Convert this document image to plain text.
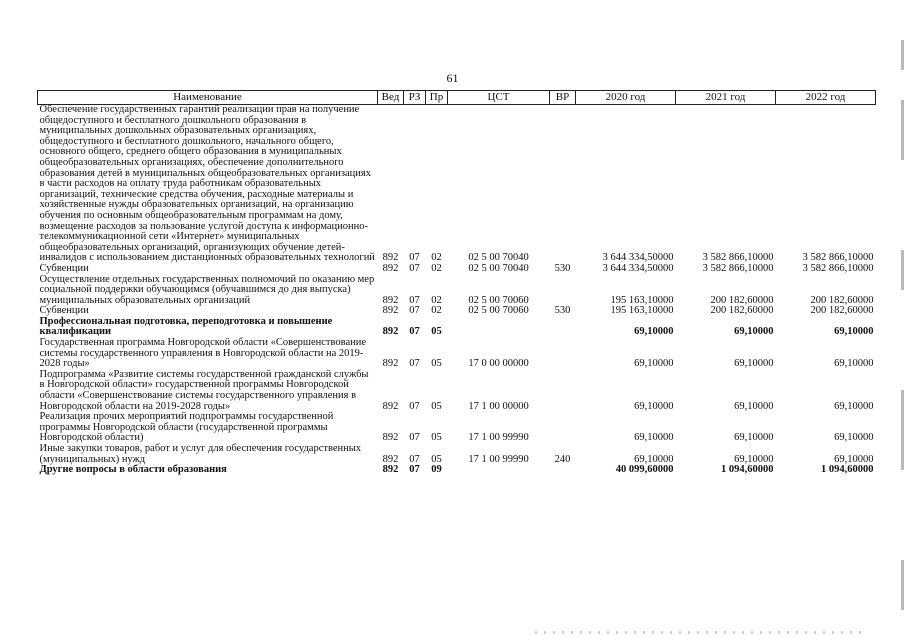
61
Наименование	Вед	РЗ	Пр	ЦСТ	ВР	2020 год	2021 год	2022 год
Обеспечение государственных гарантий реализации прав на получение общедоступного и бесплатного дошкольного образования в муниципальных дошкольных образовательных организациях, общедоступного и бесплатного дошкольного, начального общего, основного общего, среднего общего образования в муниципальных общеобразовательных организациях, обеспечение дополнительного образования детей в муниципальных общеобразовательных организациях в части расходов на оплату труда работникам образовательных организаций, технические средства обучения, расходные материалы и хозяйственные нужды образовательных организаций, на организацию обучения по основным общеобразовательным программам на дому, возмещение расходов за пользование услугой доступа к информационно-телекоммуникационной сети «Интернет» муниципальных общеобразовательных организаций, организующих обучение детей-инвалидов с использованием дистанционных образовательных технологий	892	07	02	02 5 00 70040		3 644 334,50000	3 582 866,10000	3 582 866,10000
Субвенции	892	07	02	02 5 00 70040	530	3 644 334,50000	3 582 866,10000	3 582 866,10000
Осуществление отдельных государственных полномочий по оказанию мер социальной поддержки обучающимся (обучавшимся до дня выпуска) муниципальных образовательных организаций	892	07	02	02 5 00 70060		195 163,10000	200 182,60000	200 182,60000
Субвенции	892	07	02	02 5 00 70060	530	195 163,10000	200 182,60000	200 182,60000
Профессиональная подготовка, переподготовка и повышение квалификации	892	07	05			69,10000	69,10000	69,10000
Государственная программа Новгородской области «Совершенствование системы государственного управления в Новгородской области на 2019-2028 годы»	892	07	05	17 0 00 00000		69,10000	69,10000	69,10000
Подпрограмма «Развитие системы государственной гражданской службы в Новгородской области» государственной программы Новгородской области «Совершенствование системы государственного управления в Новгородской области на 2019-2028 годы»	892	07	05	17 1 00 00000		69,10000	69,10000	69,10000
Реализация прочих мероприятий подпрограммы государственной программы Новгородской области (государственной программы Новгородской области)	892	07	05	17 1 00 99990		69,10000	69,10000	69,10000
Иные закупки товаров, работ и услуг для обеспечения государственных (муниципальных) нужд	892	07	05	17 1 00 99990	240	69,10000	69,10000	69,10000
Другие вопросы в области образования	892	07	09			40 099,60000	1 094,60000	1 094,60000
